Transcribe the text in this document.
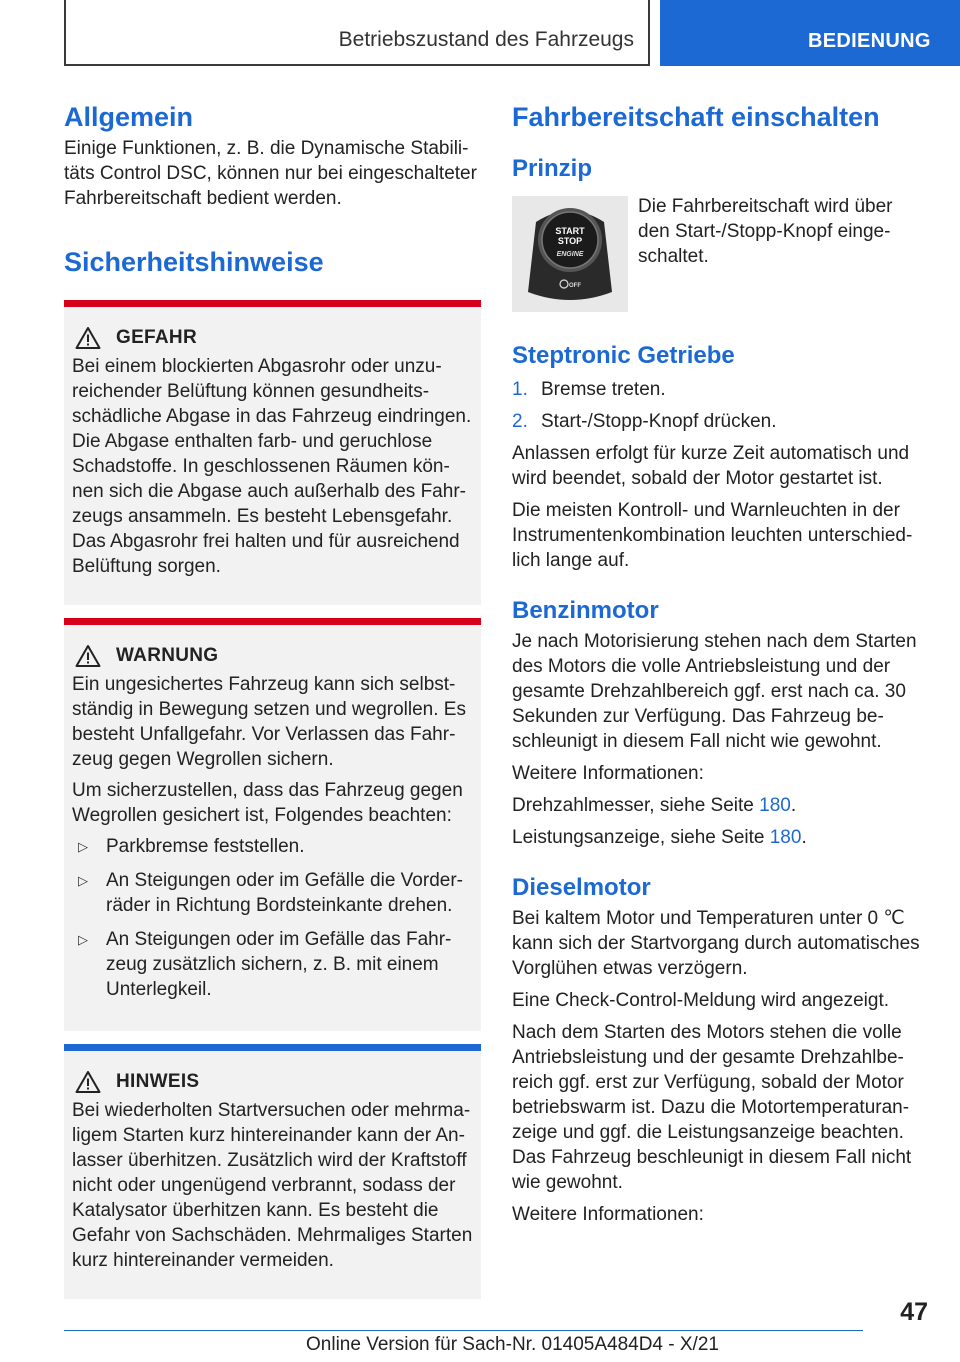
Betriebszustand des Fahrzeugs	BEDIENUNG
Allgemein

Einige Funktionen, z. B. die Dynamische Stabilitäts Control DSC, können nur bei eingeschalteter Fahrbereitschaft bedient werden.

Sicherheitshinweise
GEFAHR

Bei einem blockierten Abgasrohr oder unzureichender Belüftung können gesundheitsschädliche Abgase in das Fahrzeug eindringen. Die Abgase enthalten farb- und geruchlose Schadstoffe. In geschlossenen Räumen können sich die Abgase auch außerhalb des Fahrzeugs ansammeln. Es besteht Lebensgefahr. Das Abgasrohr frei halten und für ausreichend Belüftung sorgen.

WARNUNG

Ein ungesichertes Fahrzeug kann sich selbstständig in Bewegung setzen und wegrollen. Es besteht Unfallgefahr. Vor Verlassen das Fahrzeug gegen Wegrollen sichern.

Um sicherzustellen, dass das Fahrzeug gegen Wegrollen gesichert ist, Folgendes beachten:

▷ Parkbremse feststellen.
▷ An Steigungen oder im Gefälle die Vorderräder in Richtung Bordsteinkante drehen.
▷ An Steigungen oder im Gefälle das Fahrzeug zusätzlich sichern, z. B. mit einem Unterlegkeil.
HINWEIS

Bei wiederholten Startversuchen oder mehrmaligem Starten kurz hintereinander kann der Anlasser überhitzen. Zusätzlich wird der Kraftstoff nicht oder ungenügend verbrannt, sodass der Katalysator überhitzen kann. Es besteht die Gefahr von Sachschäden. Mehrmaliges Starten kurz hintereinander vermeiden.

Fahrbereitschaft einschalten
Prinzip
START
STOP
ENGINE
OFF

Die Fahrbereitschaft wird über den Start-/Stopp-Knopf eingeschaltet.

Steptronic Getriebe
1. Bremse treten.
2. Start-/Stopp-Knopf drücken.

Anlassen erfolgt für kurze Zeit automatisch und wird beendet, sobald der Motor gestartet ist.

Die meisten Kontroll- und Warnleuchten in der Instrumentenkombination leuchten unterschiedlich lange auf.

Benzinmotor

Je nach Motorisierung stehen nach dem Starten des Motors die volle Antriebsleistung und der gesamte Drehzahlbereich ggf. erst nach ca. 30 Sekunden zur Verfügung. Das Fahrzeug beschleunigt in diesem Fall nicht wie gewohnt.

Weitere Informationen:

Drehzahlmesser, siehe Seite 180.

Leistungsanzeige, siehe Seite 180.

Dieselmotor

Bei kaltem Motor und Temperaturen unter 0 ℃ kann sich der Startvorgang durch automatisches Vorglühen etwas verzögern.

Eine Check-Control-Meldung wird angezeigt.

Nach dem Starten des Motors stehen die volle Antriebsleistung und der gesamte Drehzahlbereich ggf. erst zur Verfügung, sobald der Motor betriebswarm ist. Dazu die Motortemperaturanzeige und ggf. die Leistungsanzeige beachten. Das Fahrzeug beschleunigt in diesem Fall nicht wie gewohnt.

Weitere Informationen:

47
Online Version für Sach-Nr. 01405A484D4 - X/21
